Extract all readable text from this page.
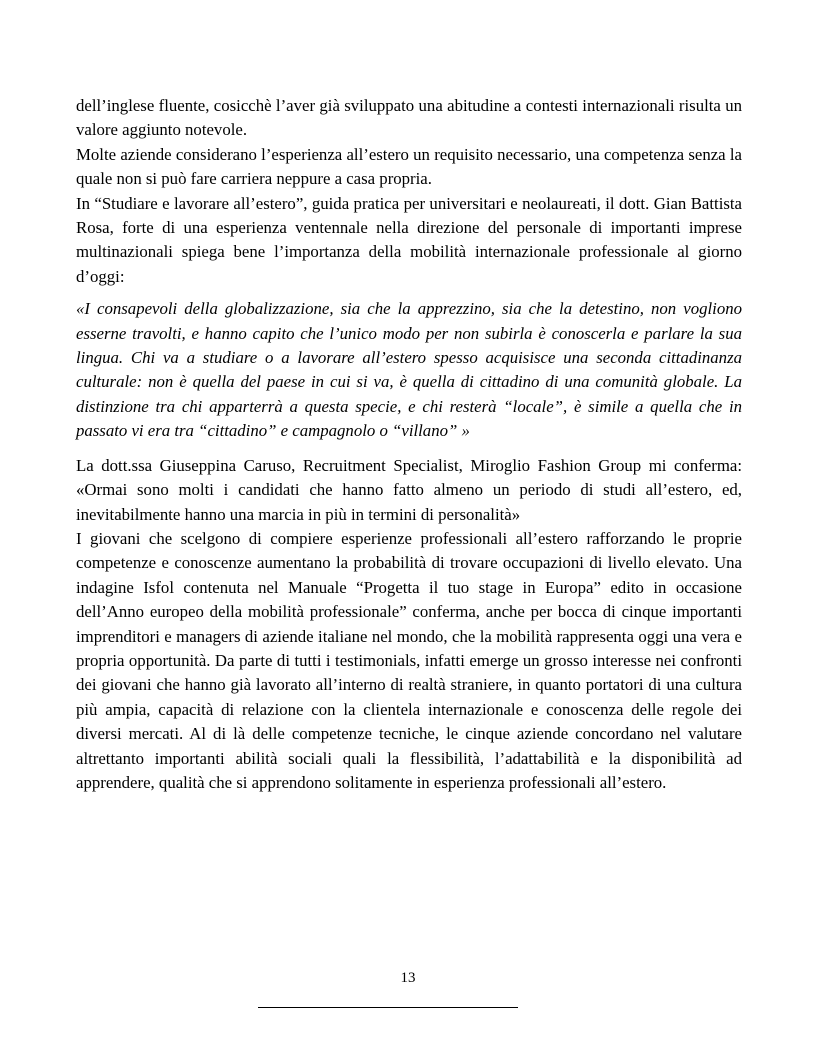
dell’inglese fluente, cosicchè l’aver già sviluppato una abitudine a contesti internazionali risulta un valore aggiunto notevole.

Molte aziende considerano l’esperienza all’estero un requisito necessario, una competenza senza la quale non si può fare carriera neppure a casa propria.

In “Studiare e lavorare all’estero”, guida pratica per universitari e neolaureati, il dott. Gian Battista Rosa, forte di una esperienza ventennale nella direzione del personale di importanti imprese multinazionali spiega bene l’importanza della mobilità internazionale professionale al giorno d’oggi:

«I consapevoli della globalizzazione, sia che la apprezzino, sia che la detestino, non vogliono esserne travolti, e hanno capito che l’unico modo per non subirla è conoscerla e parlare la sua lingua. Chi va a studiare o a lavorare all’estero spesso acquisisce una seconda cittadinanza culturale: non è quella del paese in cui si va, è quella di cittadino di una comunità globale. La distinzione tra chi apparterrà a questa specie, e chi resterà “locale”, è simile a quella che in passato vi era tra “cittadino” e campagnolo o “villano” »

La dott.ssa Giuseppina Caruso, Recruitment Specialist, Miroglio Fashion Group mi conferma: «Ormai sono molti i candidati che hanno fatto almeno un periodo di studi all’estero, ed, inevitabilmente hanno una marcia in più in termini di personalità»

I giovani che scelgono di compiere esperienze professionali all’estero rafforzando le proprie competenze e conoscenze aumentano la probabilità di trovare occupazioni di livello elevato. Una indagine Isfol contenuta nel Manuale “Progetta il tuo stage in Europa” edito in occasione dell’Anno europeo della mobilità professionale” conferma, anche per bocca di cinque importanti imprenditori e managers di aziende italiane nel mondo, che la mobilità rappresenta oggi una vera e propria opportunità. Da parte di tutti i testimonials, infatti emerge un grosso interesse nei confronti dei giovani che hanno già lavorato all’interno di realtà straniere, in quanto portatori di una cultura più ampia, capacità di relazione con la clientela internazionale e conoscenza delle regole dei diversi mercati. Al di là delle competenze tecniche, le cinque aziende concordano nel valutare altrettanto importanti abilità sociali quali la flessibilità, l’adattabilità e la disponibilità ad apprendere, qualità che si apprendono solitamente in esperienza professionali all’estero.

13
